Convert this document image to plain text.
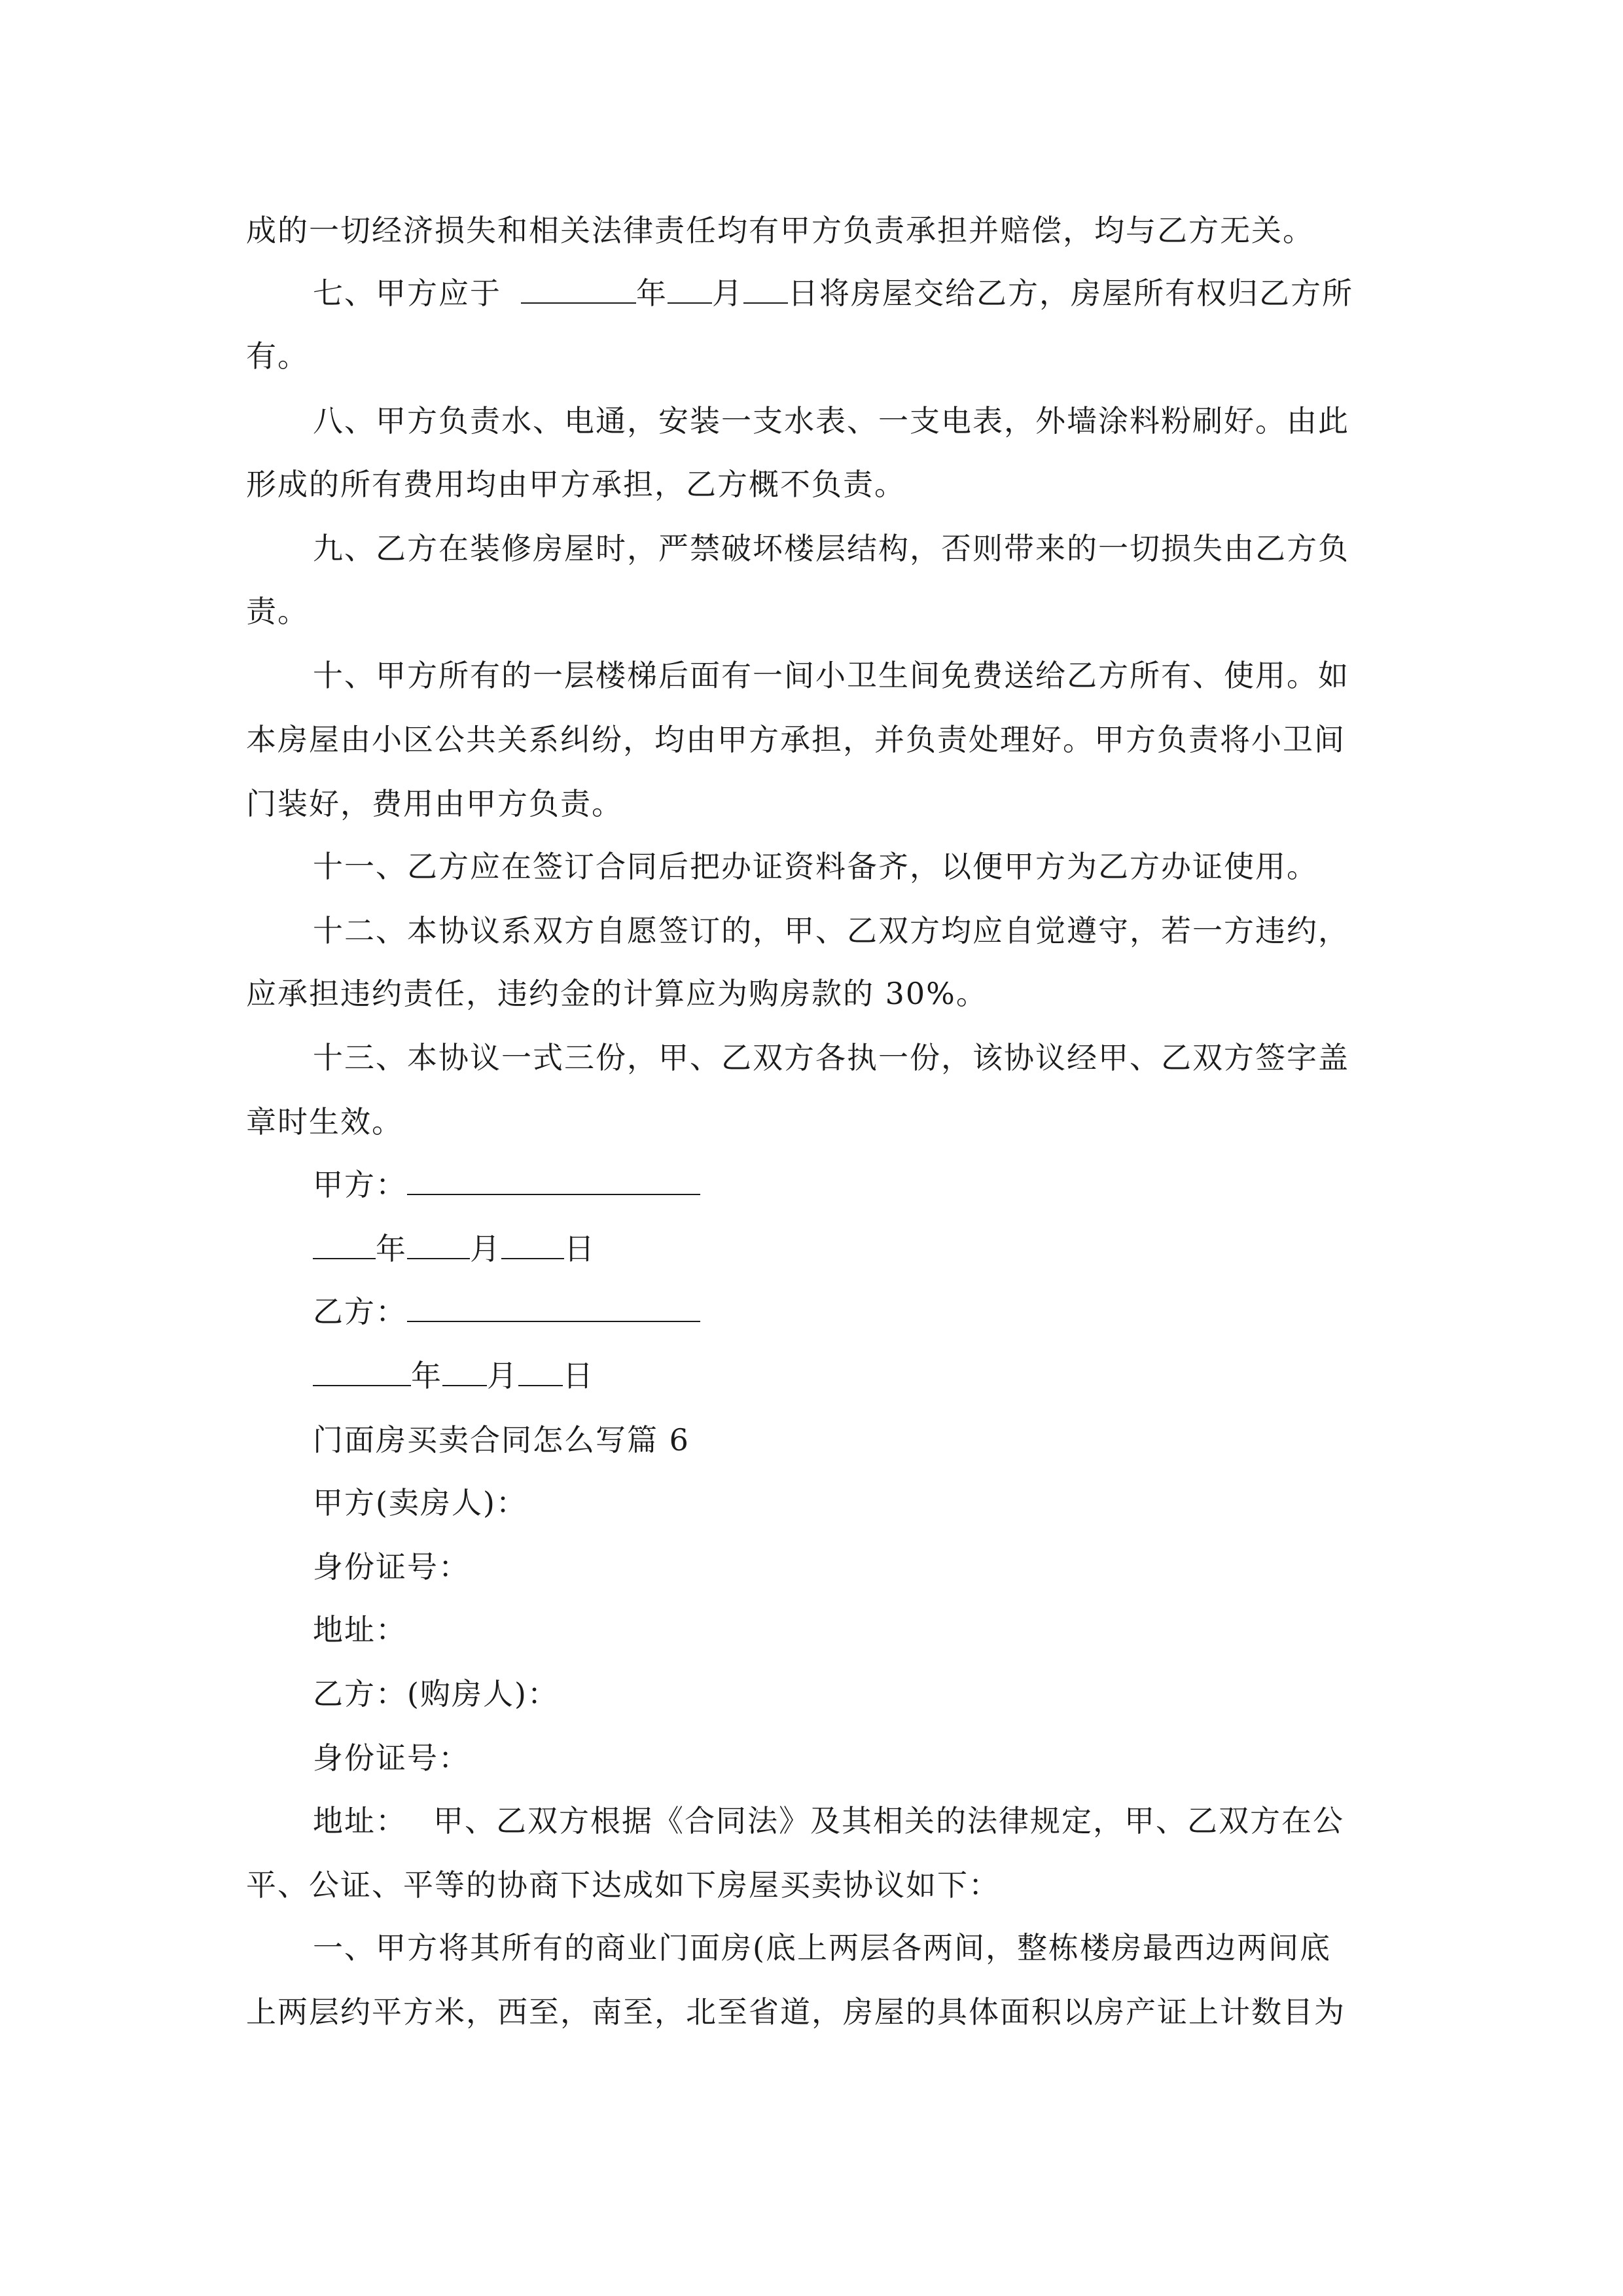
成的一切经济损失和相关法律责任均有甲方负责承担并赔偿，均与乙方无关。
七、甲方应于	年 月 日将房屋交给乙方，房屋所有权归乙方所
有。
八、甲方负责水、电通，安装一支水表、一支电表，外墙涂料粉刷好。由此
形成的所有费用均由甲方承担，乙方概不负责。
九、乙方在装修房屋时，严禁破坏楼层结构，否则带来的一切损失由乙方负
责。
十、甲方所有的一层楼梯后面有一间小卫生间免费送给乙方所有、使用。如
本房屋由小区公共关系纠纷，均由甲方承担，并负责处理好。甲方负责将小卫间
门装好，费用由甲方负责。
十一、乙方应在签订合同后把办证资料备齐，以便甲方为乙方办证使用。
十二、本协议系双方自愿签订的，甲、乙双方均应自觉遵守，若一方违约，
应承担违约责任，违约金的计算应为购房款的 30%。
十三、本协议一式三份，甲、乙双方各执一份，该协议经甲、乙双方签字盖
章时生效。
甲方：
年 月 日
乙方：
年 月 日
门面房买卖合同怎么写篇 6
甲方(卖房人)：
身份证号：
地址：
乙方：(购房人)：
身份证号：
地址： 甲、乙双方根据《合同法》及其相关的法律规定，甲、乙双方在公
平、公证、平等的协商下达成如下房屋买卖协议如下：
一、甲方将其所有的商业门面房(底上两层各两间，整栋楼房最西边两间底
上两层约平方米，西至，南至，北至省道，房屋的具体面积以房产证上计数目为
